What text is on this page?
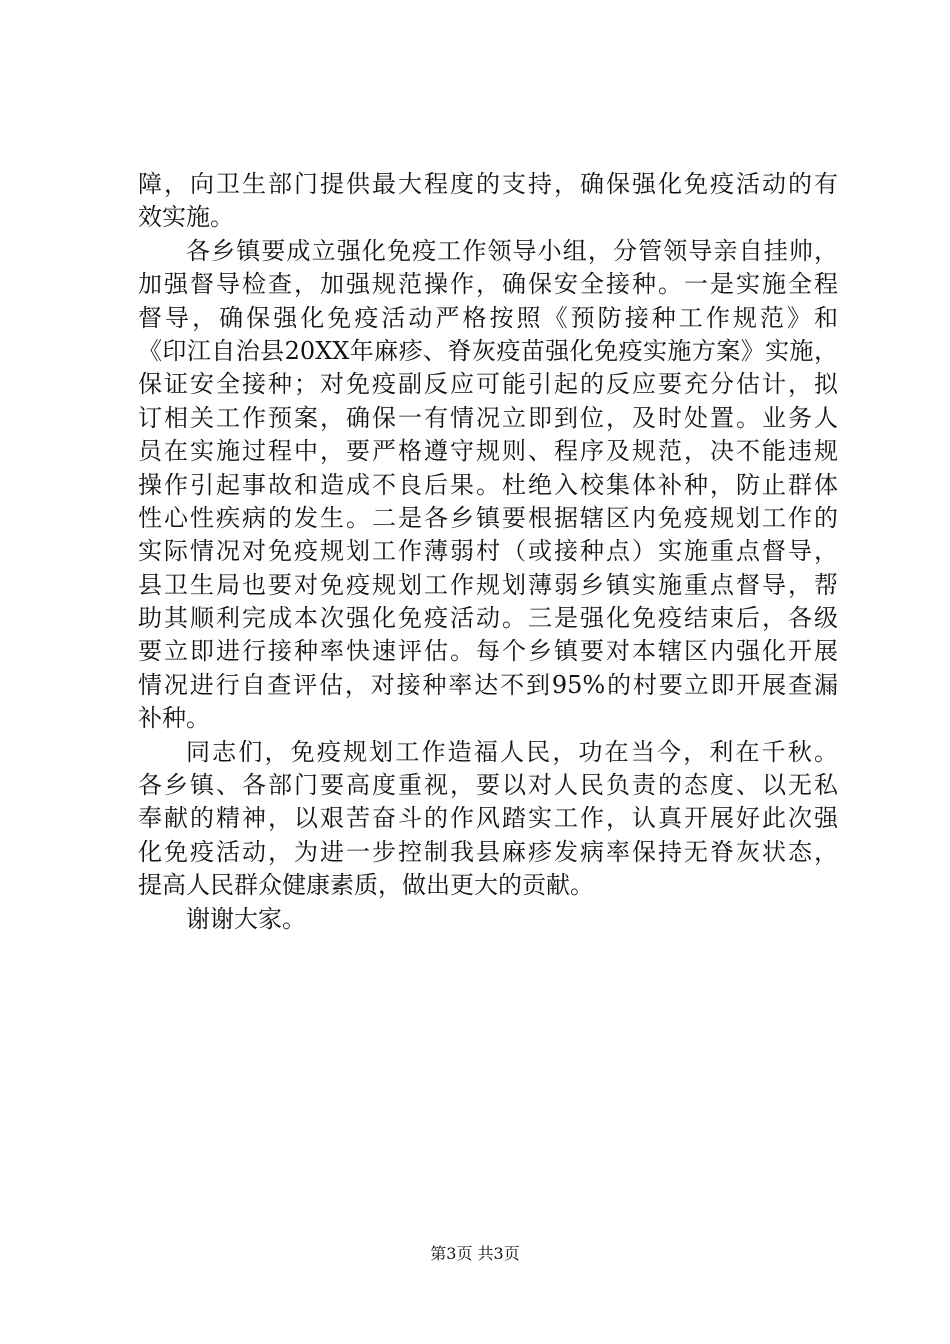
障，向卫生部门提供最大程度的支持，确保强化免疫活动的有
效实施。
各乡镇要成立强化免疫工作领导小组，分管领导亲自挂帅，
加强督导检查，加强规范操作，确保安全接种。一是实施全程
督导，确保强化免疫活动严格按照《预防接种工作规范》和
《印江自治县20XX年麻疹、脊灰疫苗强化免疫实施方案》实施，
保证安全接种；对免疫副反应可能引起的反应要充分估计，拟
订相关工作预案，确保一有情况立即到位，及时处置。业务人
员在实施过程中，要严格遵守规则、程序及规范，决不能违规
操作引起事故和造成不良后果。杜绝入校集体补种，防止群体
性心性疾病的发生。二是各乡镇要根据辖区内免疫规划工作的
实际情况对免疫规划工作薄弱村（或接种点）实施重点督导，
县卫生局也要对免疫规划工作规划薄弱乡镇实施重点督导，帮
助其顺利完成本次强化免疫活动。三是强化免疫结束后，各级
要立即进行接种率快速评估。每个乡镇要对本辖区内强化开展
情况进行自查评估，对接种率达不到95%的村要立即开展查漏
补种。
同志们，免疫规划工作造福人民，功在当今，利在千秋。
各乡镇、各部门要高度重视，要以对人民负责的态度、以无私
奉献的精神，以艰苦奋斗的作风踏实工作，认真开展好此次强
化免疫活动，为进一步控制我县麻疹发病率保持无脊灰状态，
提高人民群众健康素质，做出更大的贡献。
谢谢大家。
第3页 共3页
